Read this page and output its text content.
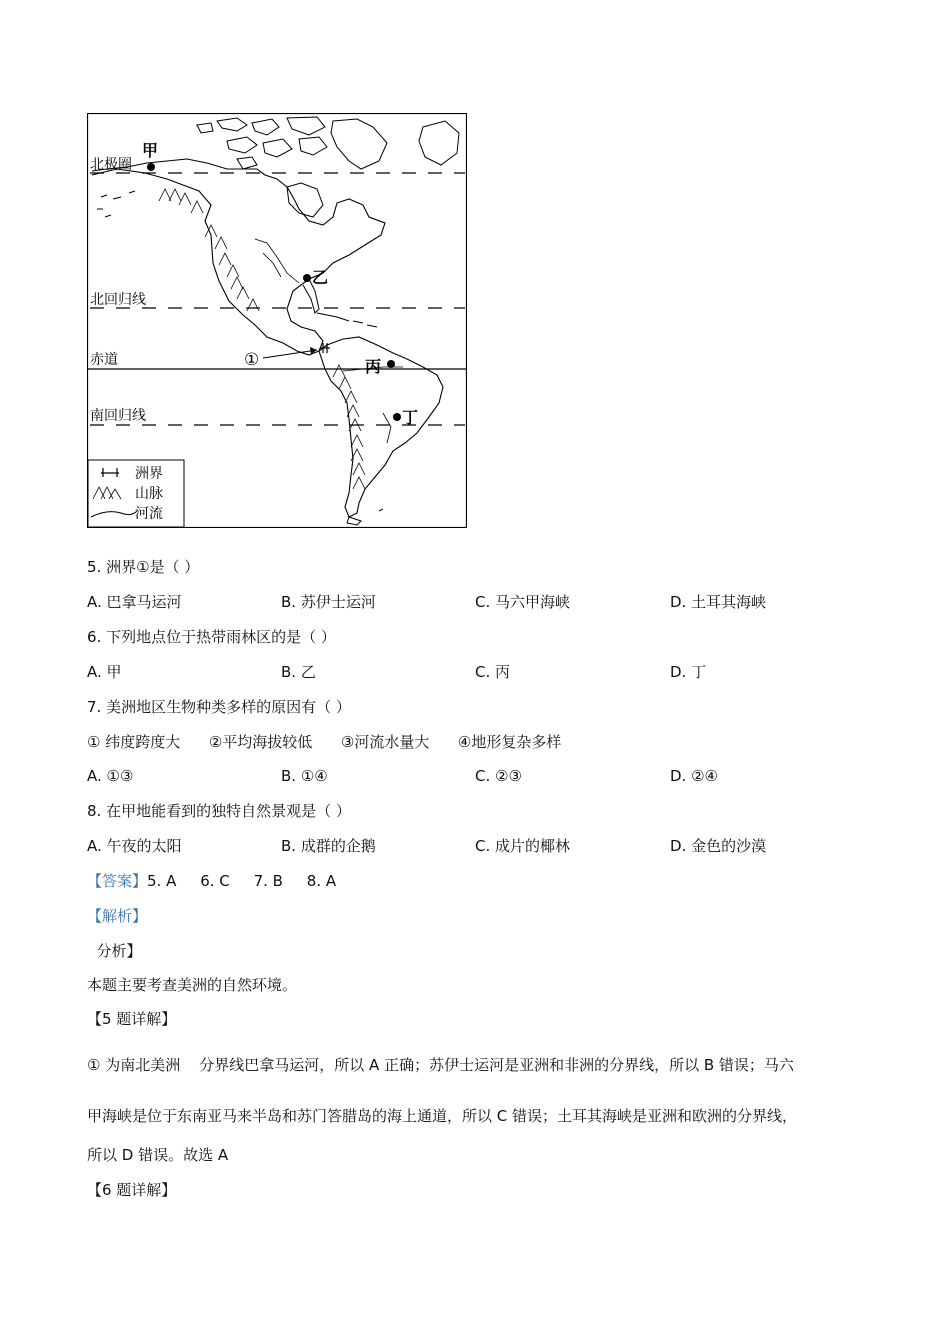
北极圈
北回归线
赤道
南回归线
甲
乙
丙
丁
①
洲界
山脉
河流
5. 洲界①是（ ）
A. 巴拿马运河	B. 苏伊士运河	C. 马六甲海峡	D. 土耳其海峡
6. 下列地点位于热带雨林区的是（ ）
A. 甲	B. 乙	C. 丙	D. 丁
7. 美洲地区生物种类多样的原因有（ ）
① 纬度跨度大      ②平均海拔较低      ③河流水量大      ④地形复杂多样
A. ①③	B. ①④	C. ②③	D. ②④
8. 在甲地能看到的独特自然景观是（ ）
A. 午夜的太阳	B. 成群的企鹅	C. 成片的椰林	D. 金色的沙漠
【答案】5. A     6. C     7. B     8. A
【解析】
分析】
本题主要考查美洲的自然环境。
【5 题详解】
① 为南北美洲    分界线巴拿马运河，所以 A 正确；苏伊士运河是亚洲和非洲的分界线，所以 B 错误；马六
甲海峡是位于东南亚马来半岛和苏门答腊岛的海上通道，所以 C 错误；土耳其海峡是亚洲和欧洲的分界线，
所以 D 错误。故选 A
【6 题详解】
